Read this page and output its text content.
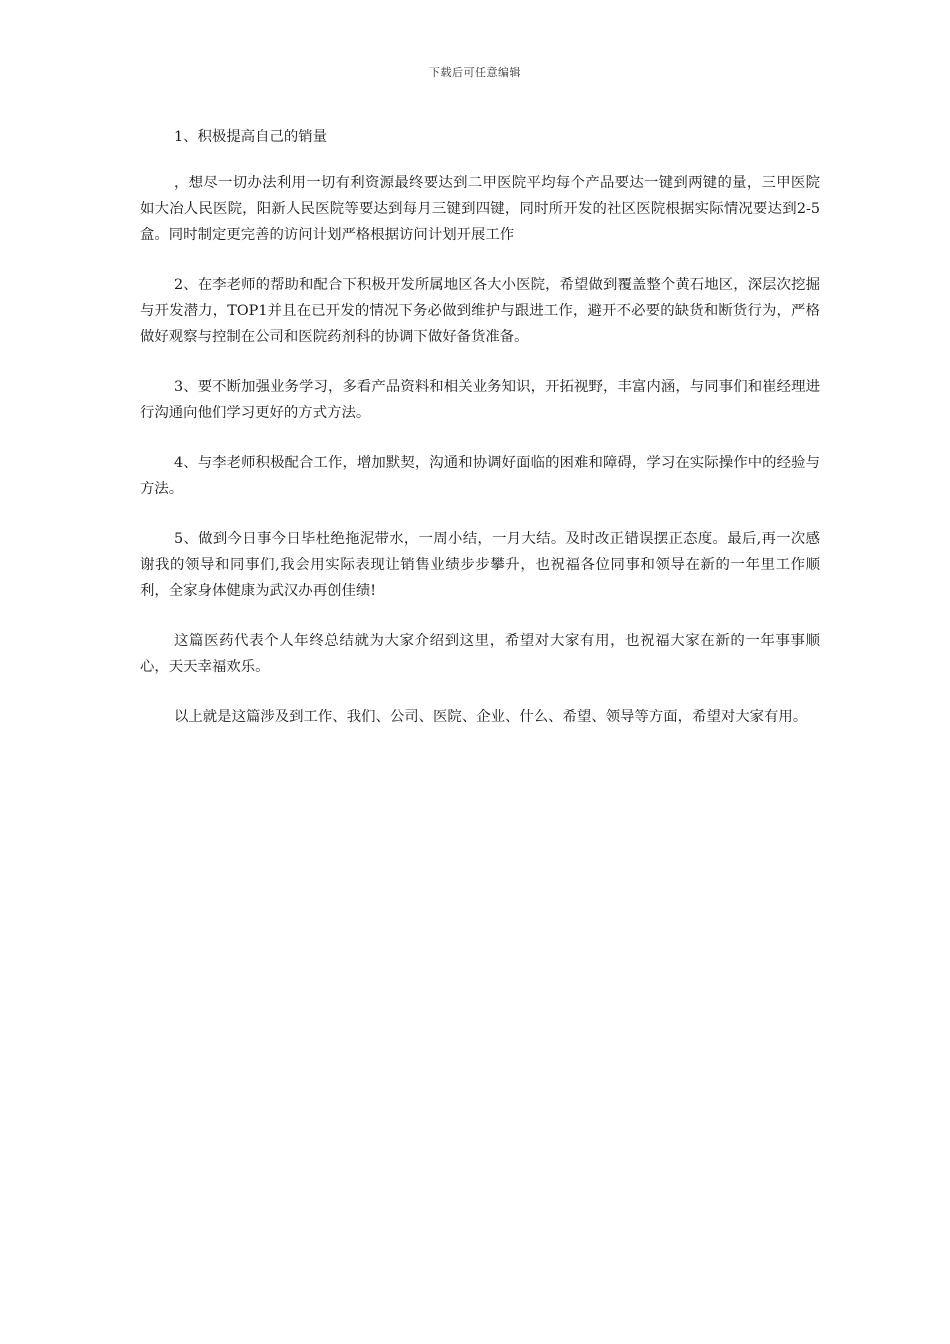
下载后可任意编辑

1、积极提高自己的销量

，想尽一切办法利用一切有利资源最终要达到二甲医院平均每个产品要达一键到两键的量，三甲医院如大冶人民医院，阳新人民医院等要达到每月三键到四键，同时所开发的社区医院根据实际情况要达到2-5盒。同时制定更完善的访问计划严格根据访问计划开展工作

2、在李老师的帮助和配合下积极开发所属地区各大小医院，希望做到覆盖整个黄石地区，深层次挖掘与开发潜力，TOP1并且在已开发的情况下务必做到维护与跟进工作，避开不必要的缺货和断货行为，严格做好观察与控制在公司和医院药剂科的协调下做好备货准备。

3、要不断加强业务学习，多看产品资料和相关业务知识，开拓视野，丰富内涵，与同事们和崔经理进行沟通向他们学习更好的方式方法。

4、与李老师积极配合工作，增加默契，沟通和协调好面临的困难和障碍，学习在实际操作中的经验与方法。

5、做到今日事今日毕杜绝拖泥带水，一周小结，一月大结。及时改正错误摆正态度。最后,再一次感谢我的领导和同事们,我会用实际表现让销售业绩步步攀升，也祝福各位同事和领导在新的一年里工作顺利，全家身体健康为武汉办再创佳绩!

这篇医药代表个人年终总结就为大家介绍到这里，希望对大家有用，也祝福大家在新的一年事事顺心，天天幸福欢乐。

以上就是这篇涉及到工作、我们、公司、医院、企业、什么、希望、领导等方面，希望对大家有用。
